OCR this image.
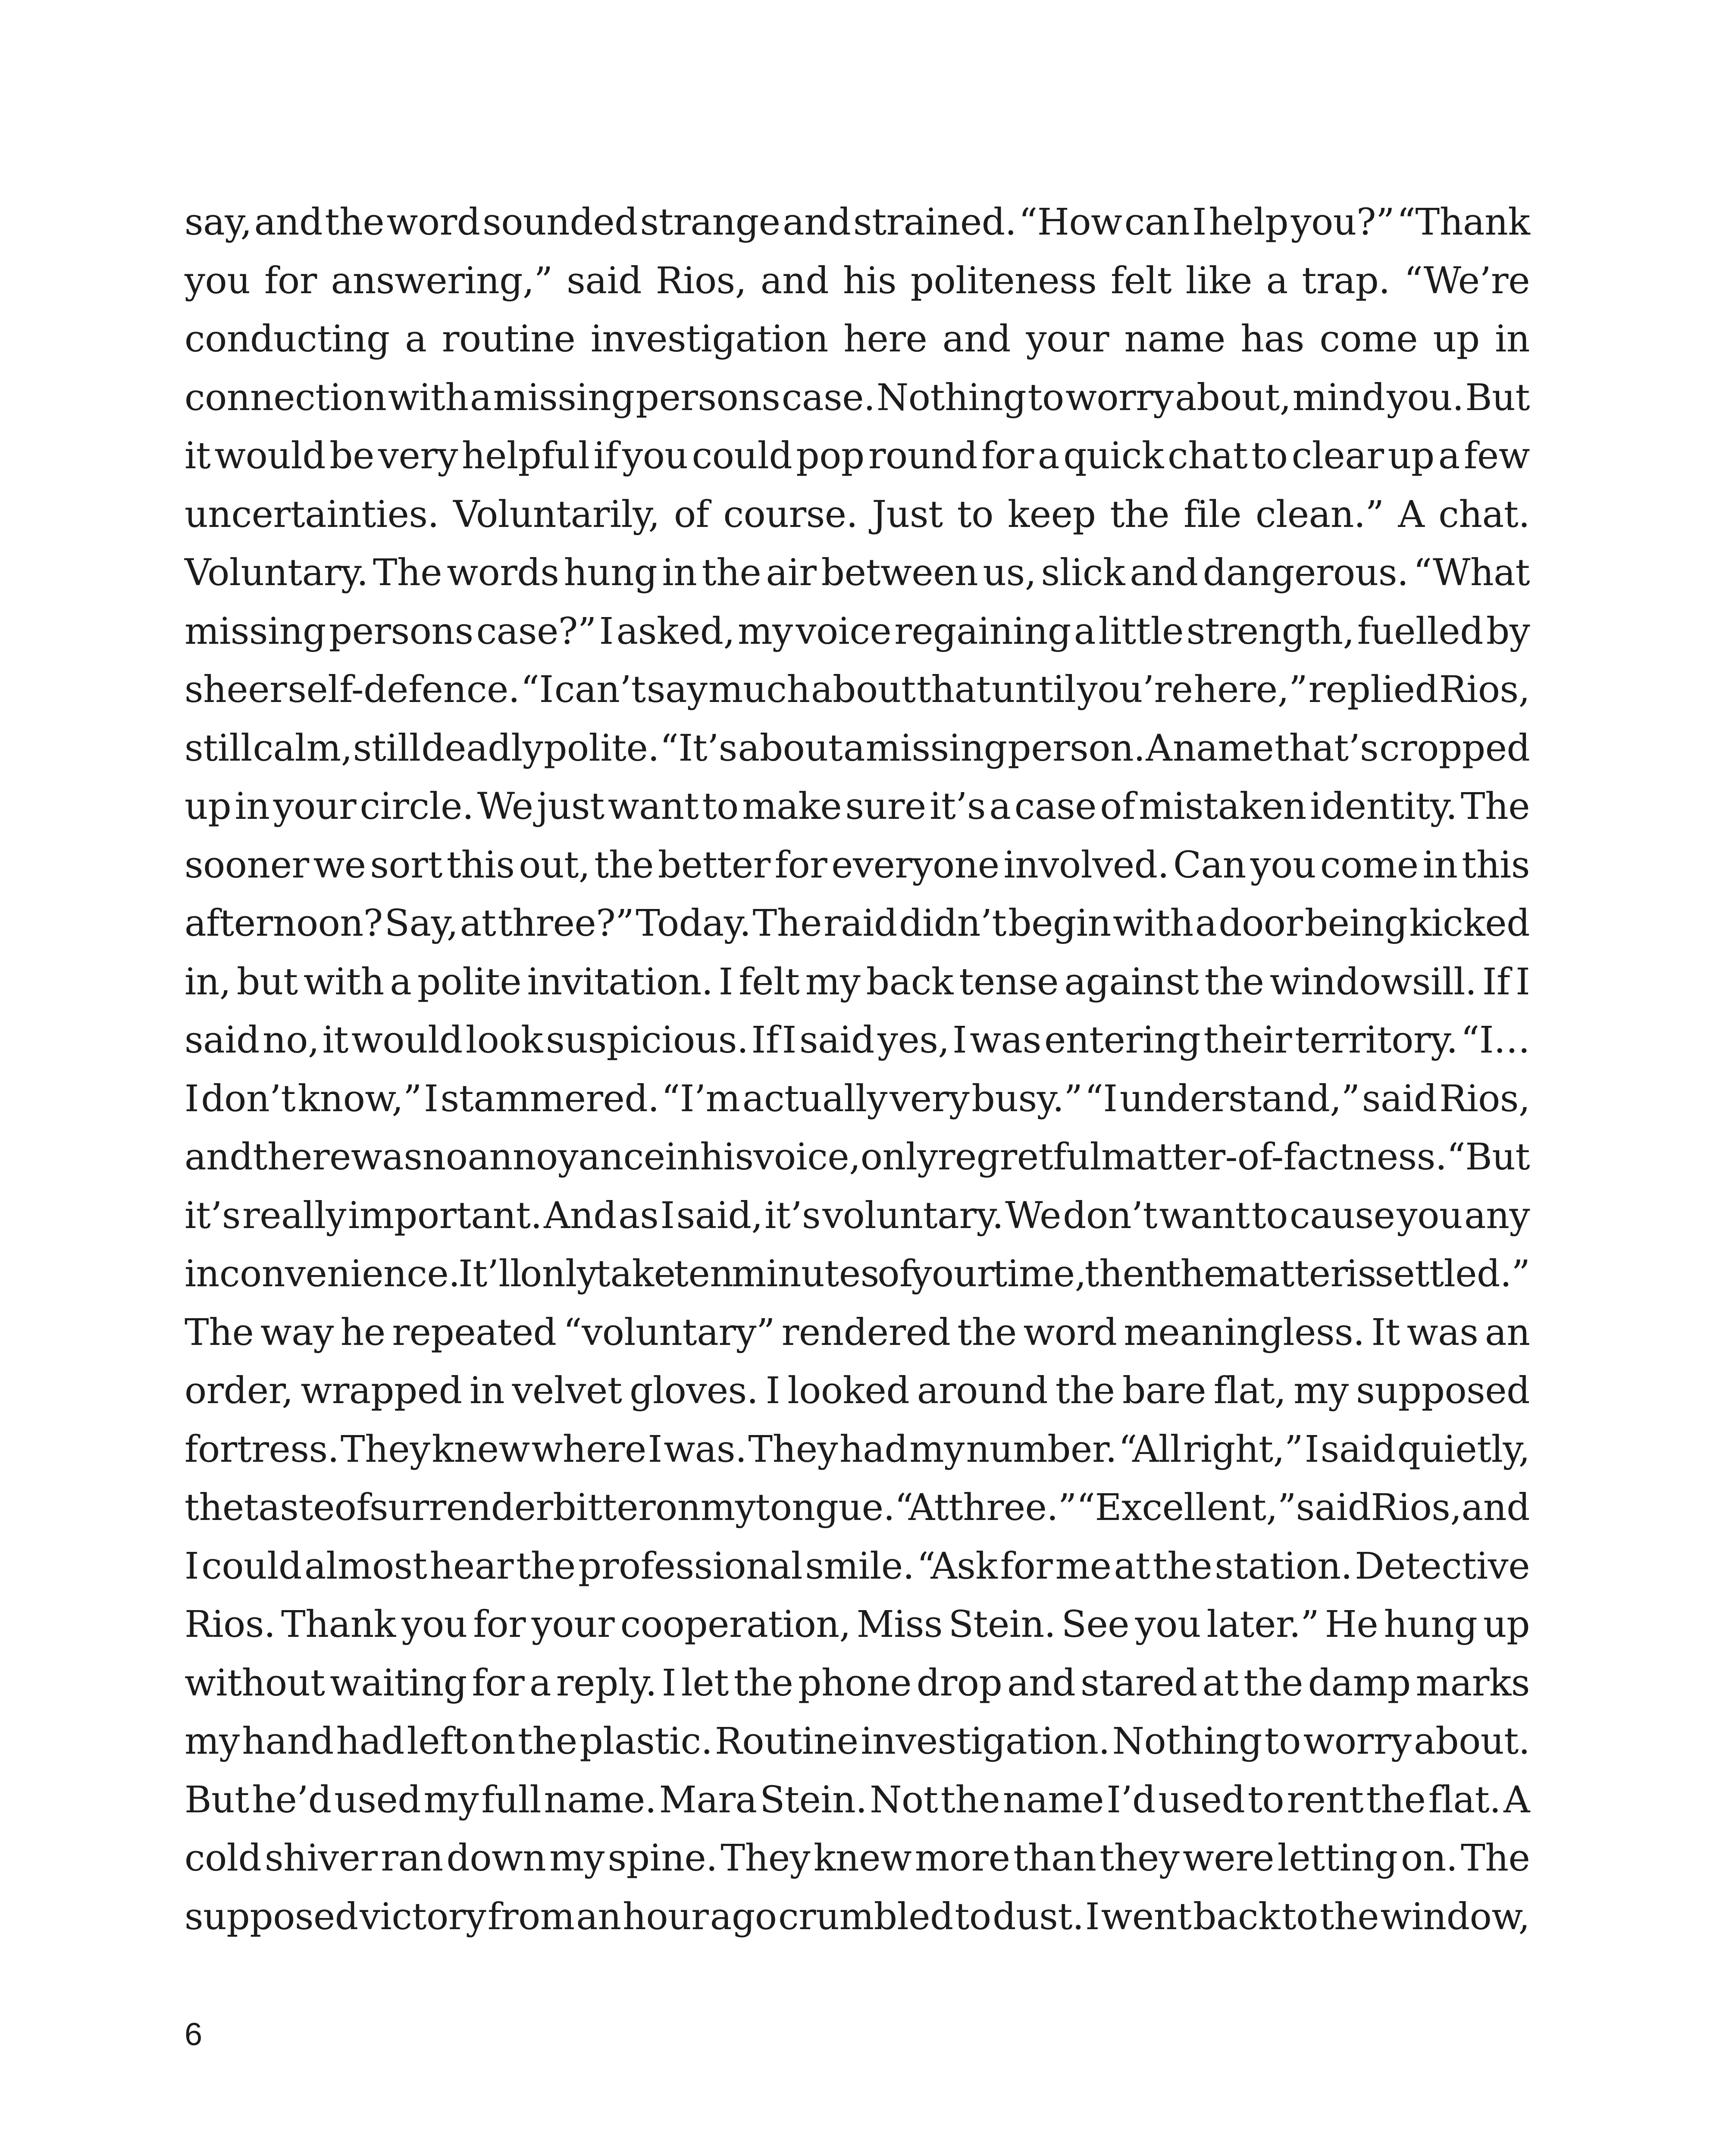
say, and the word sounded strange and strained. “How can I help you?” “Thank
you for answering,” said Rios, and his politeness felt like a trap. “We’re
conducting a routine investigation here and your name has come up in
connection with a missing persons case. Nothing to worry about, mind you. But
it would be very helpful if you could pop round for a quick chat to clear up a few
uncertainties. Voluntarily, of course. Just to keep the file clean.” A chat.
Voluntary. The words hung in the air between us, slick and dangerous. “What
missing persons case?” I asked, my voice regaining a little strength, fuelled by
sheer self-defence. “I can’t say much about that until you’re here,” replied Rios,
still calm, still deadly polite. “It’s about a missing person. A name that’s cropped
up in your circle. We just want to make sure it’s a case of mistaken identity. The
sooner we sort this out, the better for everyone involved. Can you come in this
afternoon? Say, at three?” Today. The raid didn’t begin with a door being kicked
in, but with a polite invitation. I felt my back tense against the windowsill. If I
said no, it would look suspicious. If I said yes, I was entering their territory. “I…
I don’t know,” I stammered. “I’m actually very busy.” “I understand,” said Rios,
and there was no annoyance in his voice, only regretful matter-of-factness. “But
it’s really important. And as I said, it’s voluntary. We don’t want to cause you any
inconvenience. It’ll only take ten minutes of your time, then the matter is settled.”
The way he repeated “voluntary” rendered the word meaningless. It was an
order, wrapped in velvet gloves. I looked around the bare flat, my supposed
fortress. They knew where I was. They had my number. “All right,” I said quietly,
the taste of surrender bitter on my tongue. “At three.” “Excellent,” said Rios, and
I could almost hear the professional smile. “Ask for me at the station. Detective
Rios. Thank you for your cooperation, Miss Stein. See you later.” He hung up
without waiting for a reply. I let the phone drop and stared at the damp marks
my hand had left on the plastic. Routine investigation. Nothing to worry about.
But he’d used my full name. Mara Stein. Not the name I’d used to rent the flat. A
cold shiver ran down my spine. They knew more than they were letting on. The
supposed victory from an hour ago crumbled to dust. I went back to the window,
6
